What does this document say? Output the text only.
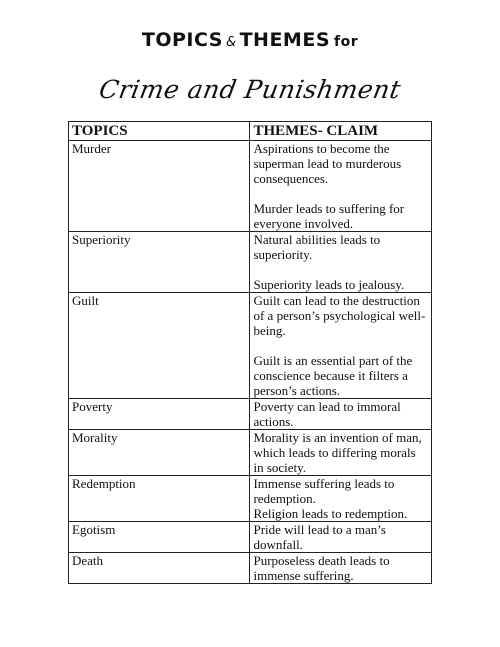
TOPICS & THEMES for
Crime and Punishment
TOPICS	THEMES- CLAIM
Murder	Aspirations to become the superman lead to murderous consequences.
Murder leads to suffering for everyone involved.

Superiority	Natural abilities leads to superiority.
Superiority leads to jealousy.

Guilt	Guilt can lead to the destruction of a person’s psychological well-being.
Guilt is an essential part of the conscience because it filters a person’s actions.

Poverty	Poverty can lead to immoral actions.

Morality	Morality is an invention of man, which leads to differing morals in society.

Redemption	Immense suffering leads to redemption.
Religion leads to redemption.

Egotism	Pride will lead to a man’s downfall.

Death	Purposeless death leads to immense suffering.
